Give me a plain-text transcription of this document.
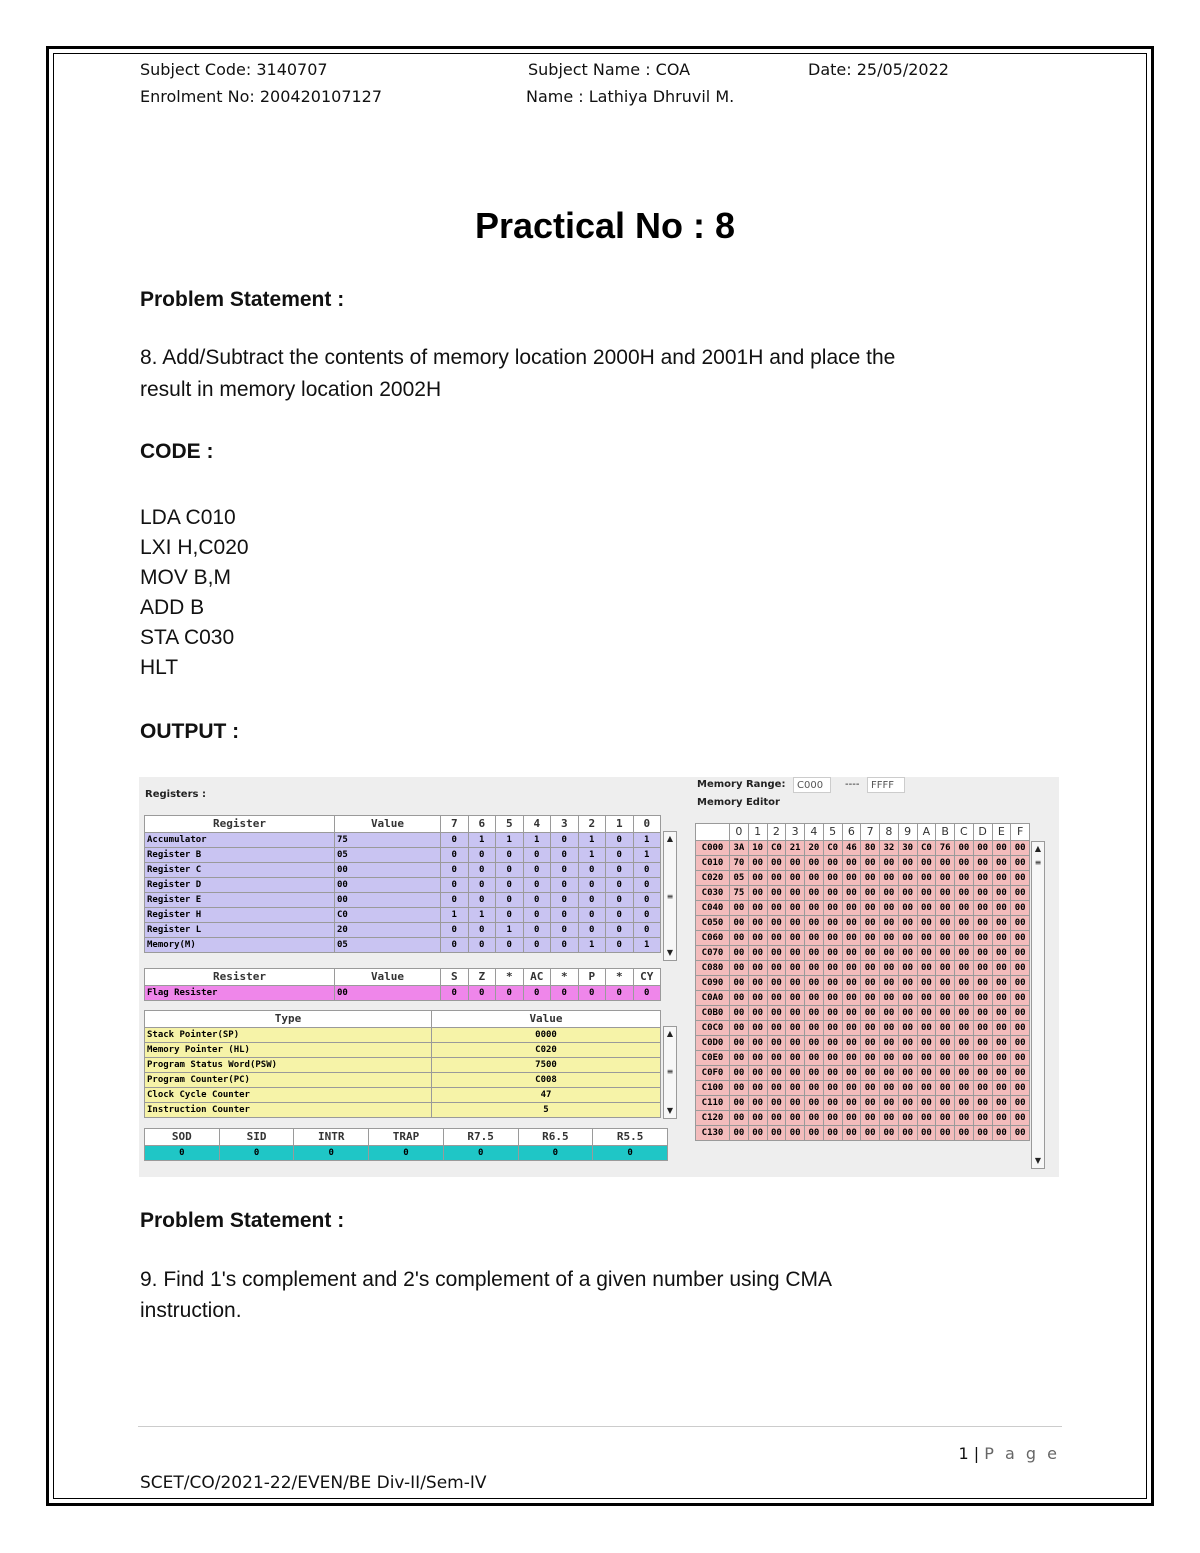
Subject Code: 3140707	Subject Name : COA	Date: 25/05/2022
Enrolment No: 200420107127	Name : Lathiya Dhruvil M.
Practical No : 8
Problem Statement :
8. Add/Subtract the contents of memory location 2000H and 2001H and place the
result in memory location 2002H
CODE :
LDA C010
LXI H,C020
MOV B,M
ADD B
STA C030
HLT
OUTPUT :
Registers :
Register	Value	7	6	5	4	3	2	1	0
Accumulator	75	0	1	1	1	0	1	0	1
Register B	05	0	0	0	0	0	1	0	1
Register C	00	0	0	0	0	0	0	0	0
Register D	00	0	0	0	0	0	0	0	0
Register E	00	0	0	0	0	0	0	0	0
Register H	C0	1	1	0	0	0	0	0	0
Register L	20	0	0	1	0	0	0	0	0
Memory(M)	05	0	0	0	0	0	1	0	1
▲
≡
▼
Resister	Value	S	Z	*	AC	*	P	*	CY
Flag Resister	00	0	0	0	0	0	0	0	0
Type	Value
Stack Pointer(SP)	0000
Memory Pointer (HL)	C020
Program Status Word(PSW)	7500
Program Counter(PC)	C008
Clock Cycle Counter	47
Instruction Counter	5
▲
≡
▼
SOD	SID	INTR	TRAP	R7.5	R6.5	R5.5
0	0	0	0	0	0	0
Memory Range:	C000	----	FFFF
Memory Editor
	0	1	2	3	4	5	6	7	8	9	A	B	C	D	E	F
C000	3A	10	C0	21	20	C0	46	80	32	30	C0	76	00	00	00	00
C010	70	00	00	00	00	00	00	00	00	00	00	00	00	00	00	00
C020	05	00	00	00	00	00	00	00	00	00	00	00	00	00	00	00
C030	75	00	00	00	00	00	00	00	00	00	00	00	00	00	00	00
C040	00	00	00	00	00	00	00	00	00	00	00	00	00	00	00	00
C050	00	00	00	00	00	00	00	00	00	00	00	00	00	00	00	00
C060	00	00	00	00	00	00	00	00	00	00	00	00	00	00	00	00
C070	00	00	00	00	00	00	00	00	00	00	00	00	00	00	00	00
C080	00	00	00	00	00	00	00	00	00	00	00	00	00	00	00	00
C090	00	00	00	00	00	00	00	00	00	00	00	00	00	00	00	00
C0A0	00	00	00	00	00	00	00	00	00	00	00	00	00	00	00	00
C0B0	00	00	00	00	00	00	00	00	00	00	00	00	00	00	00	00
C0C0	00	00	00	00	00	00	00	00	00	00	00	00	00	00	00	00
C0D0	00	00	00	00	00	00	00	00	00	00	00	00	00	00	00	00
C0E0	00	00	00	00	00	00	00	00	00	00	00	00	00	00	00	00
C0F0	00	00	00	00	00	00	00	00	00	00	00	00	00	00	00	00
C100	00	00	00	00	00	00	00	00	00	00	00	00	00	00	00	00
C110	00	00	00	00	00	00	00	00	00	00	00	00	00	00	00	00
C120	00	00	00	00	00	00	00	00	00	00	00	00	00	00	00	00
C130	00	00	00	00	00	00	00	00	00	00	00	00	00	00	00	00
▲
≡
▼
Problem Statement :
9. Find 1's complement and 2's complement of a given number using CMA
instruction.
1 | P a g e
SCET/CO/2021-22/EVEN/BE Div-II/Sem-IV
